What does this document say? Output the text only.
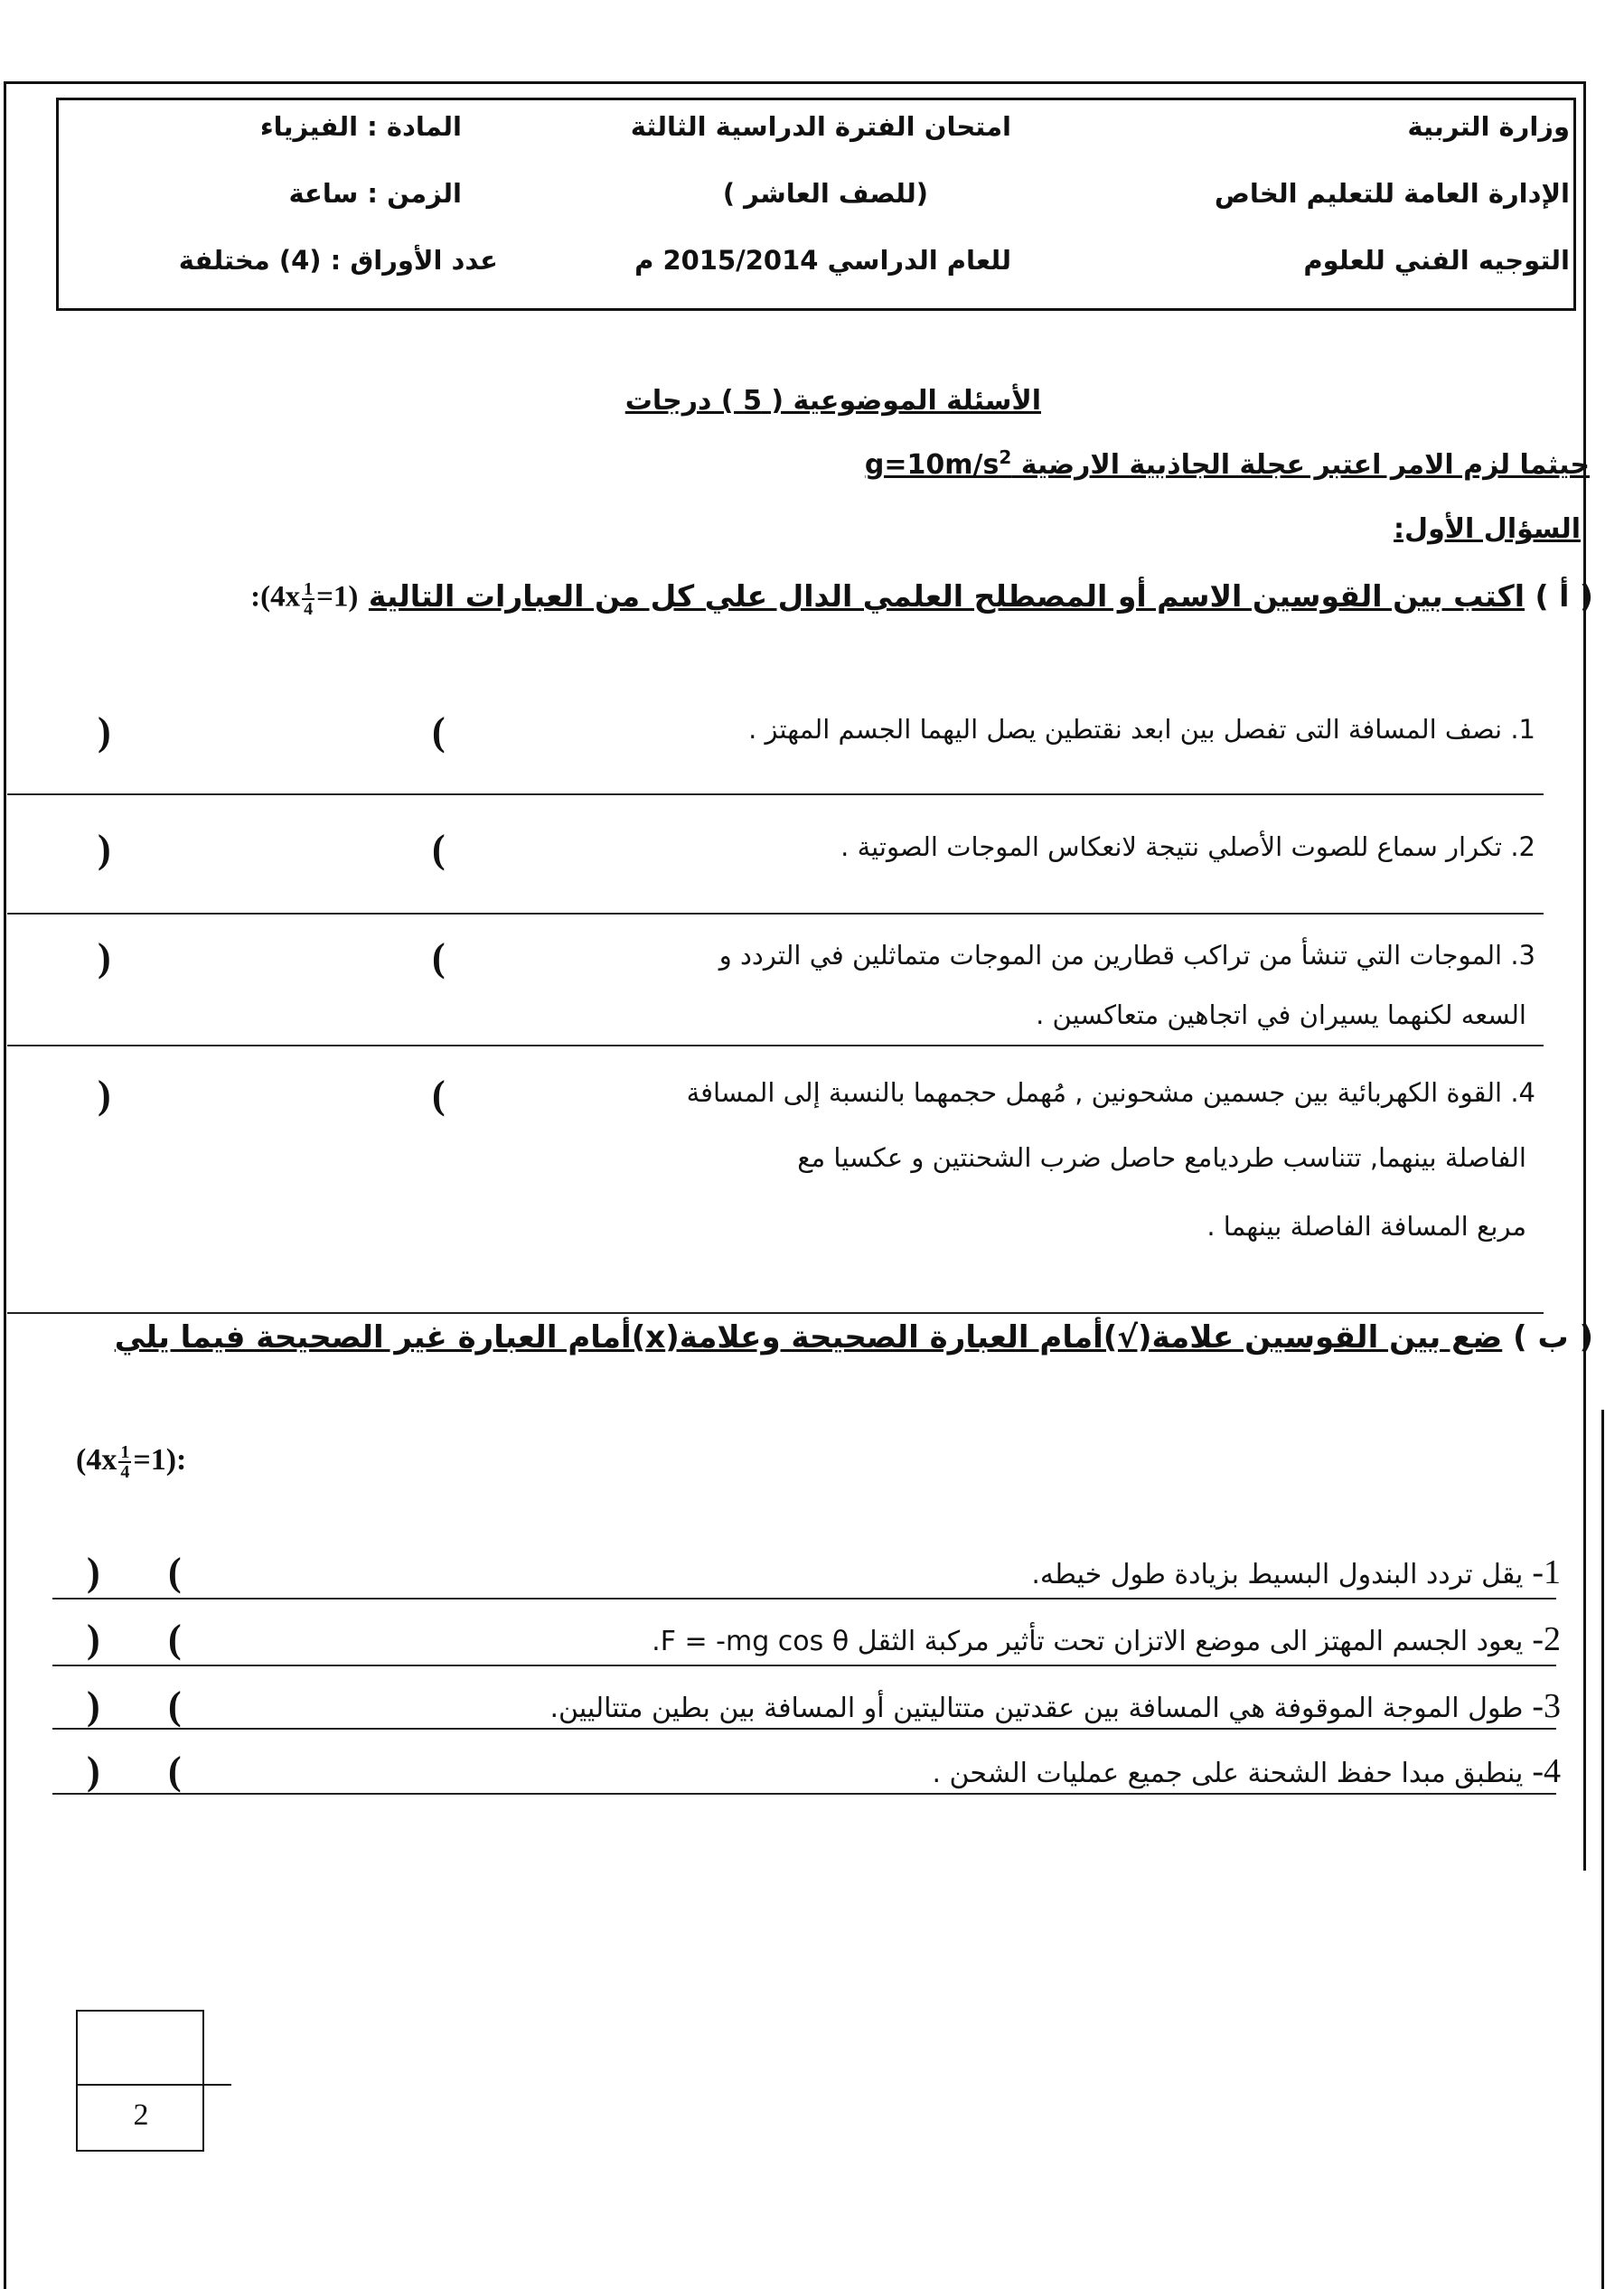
وزارة التربية
الإدارة العامة للتعليم الخاص
التوجيه الفني للعلوم
امتحان الفترة الدراسية الثالثة
(للصف العاشر )
للعام الدراسي 2015/2014 م
المادة : الفيزياء
الزمن : ساعة
عدد الأوراق : (4) مختلفة
الأسئلة الموضوعية ( 5 ) درجات
حيثما لزم الامر اعتبر عجلة الجاذبية الارضية $g=10m/s^2$
السؤال الأول:
( أ ) اكتب بين القوسين الاسم أو المصطلح العلمي الدال علي كل من العبارات التالية :(4x $\frac{1}{4} =1$)
1. نصف المسافة التى تفصل بين ابعد نقتطين يصل اليهما الجسم المهتز .
(
)
2. تكرار سماع للصوت الأصلي نتيجة لانعكاس الموجات الصوتية .
(
)
3. الموجات التي تنشأ من تراكب قطارين من الموجات متماثلين في التردد و
السعه لكنهما يسيران في اتجاهين متعاكسين .
(
)
4. القوة الكهربائية بين جسمين مشحونين , مُهمل حجمهما بالنسبة إلى المسافة
الفاصلة بينهما, تتناسب طرديامع حاصل ضرب الشحنتين و عكسيا مع
مربع المسافة الفاصلة بينهما .
(
)
( ب ) ضع بين القوسين علامة(√)أمام العبارة الصحيحة وعلامة(x)أمام العبارة غير الصحيحة فيما يلي
$(4x \frac{1}{4} =1)$:
1-يقل تردد البندول البسيط بزيادة طول خيطه.
(
)
2-يعود الجسم المهتز الى موضع الاتزان تحت تأثير مركبة الثقل F = -mg cos θ.
(
)
3-طول الموجة الموقوفة هي المسافة بين عقدتين متتاليتين أو المسافة بين بطين متتاليين.
(
)
4-ينطبق مبدا حفظ الشحنة على جميع عمليات الشحن .
(
)
2
